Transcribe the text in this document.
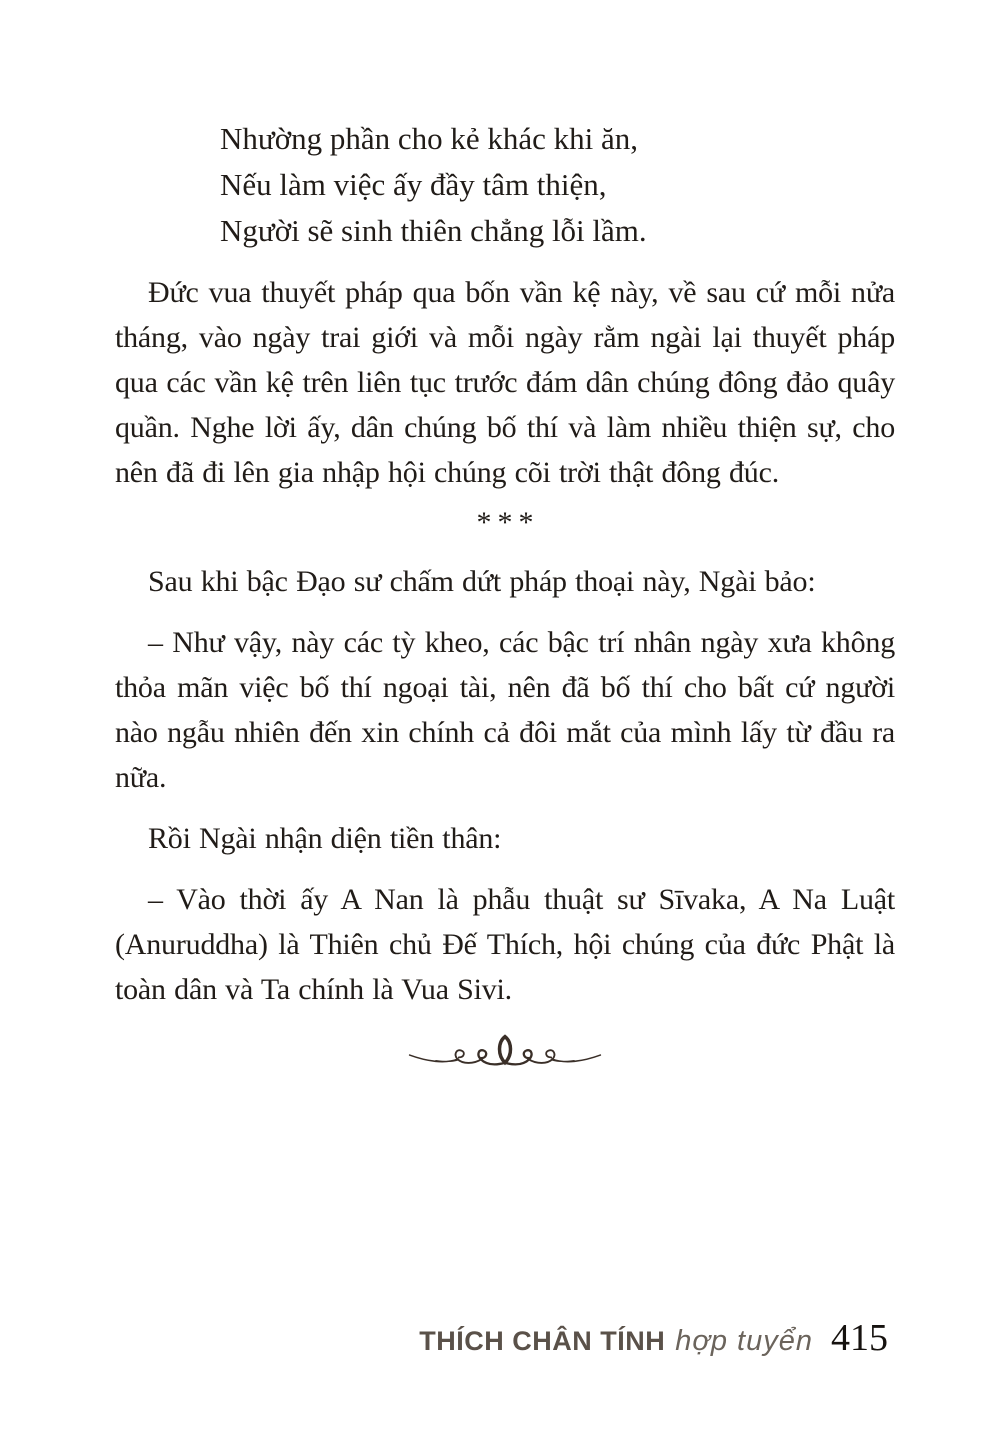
Nhường phần cho kẻ khác khi ăn,
Nếu làm việc ấy đầy tâm thiện,
Người sẽ sinh thiên chẳng lỗi lầm.

Đức vua thuyết pháp qua bốn vần kệ này, về sau cứ mỗi nửa tháng, vào ngày trai giới và mỗi ngày rằm ngài lại thuyết pháp qua các vần kệ trên liên tục trước đám dân chúng đông đảo quây quần. Nghe lời ấy, dân chúng bố thí và làm nhiều thiện sự, cho nên đã đi lên gia nhập hội chúng cõi trời thật đông đúc.

***

Sau khi bậc Đạo sư chấm dứt pháp thoại này, Ngài bảo:

– Như vậy, này các tỳ kheo, các bậc trí nhân ngày xưa không thỏa mãn việc bố thí ngoại tài, nên đã bố thí cho bất cứ người nào ngẫu nhiên đến xin chính cả đôi mắt của mình lấy từ đầu ra nữa.

Rồi Ngài nhận diện tiền thân:

– Vào thời ấy A Nan là phẫu thuật sư Sīvaka, A Na Luật (Anuruddha) là Thiên chủ Đế Thích, hội chúng của đức Phật là toàn dân và Ta chính là Vua Sivi.

THÍCH CHÂN TÍNH hợp tuyển 415
